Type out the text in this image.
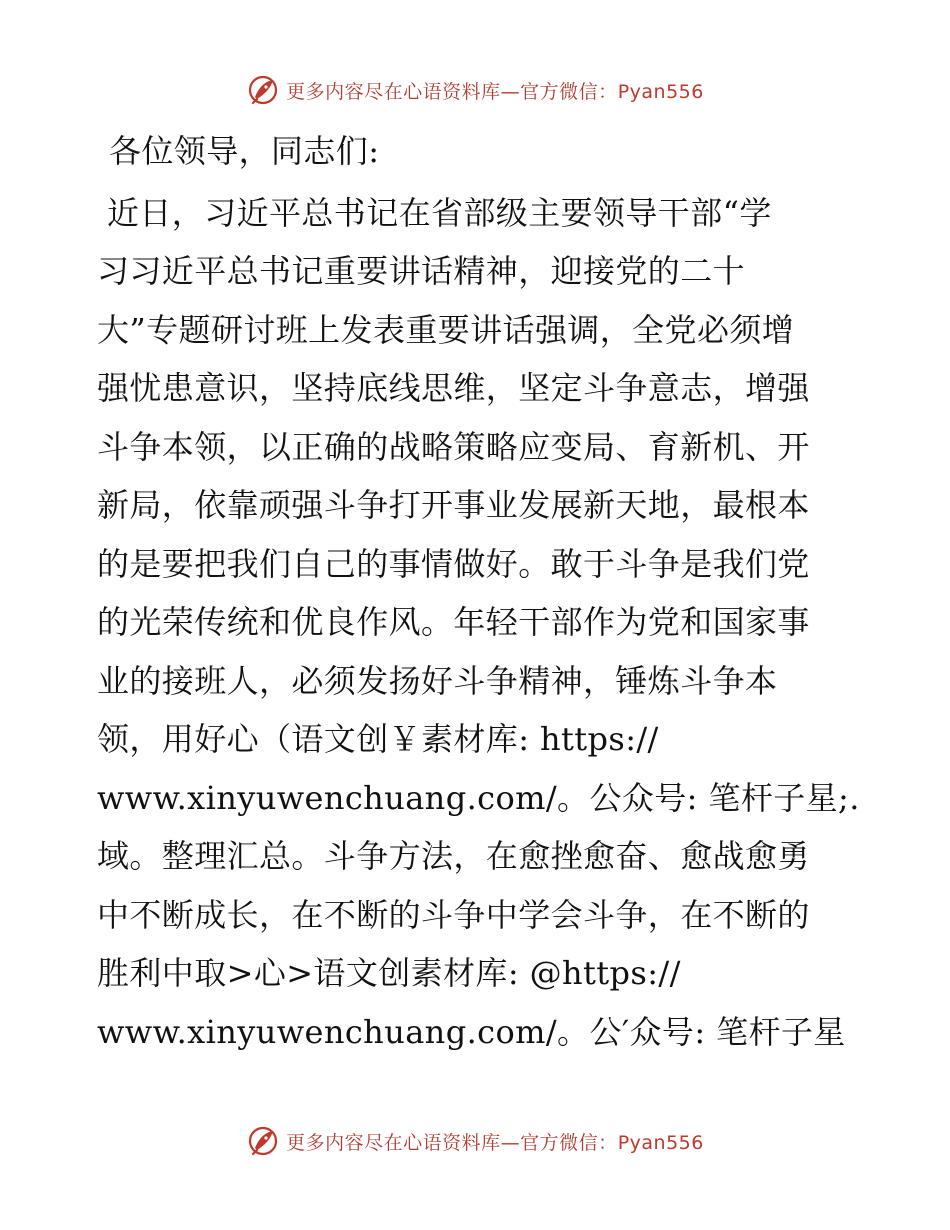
更多内容尽在心语资料库—官方微信：Pyan556
各位领导，同志们:
近日，习近平总书记在省部级主要领导干部“学
习习近平总书记重要讲话精神，迎接党的二十
大”专题研讨班上发表重要讲话强调，全党必须增
强忧患意识，坚持底线思维，坚定斗争意志，增强
斗争本领，以正确的战略策略应变局、育新机、开
新局，依靠顽强斗争打开事业发展新天地，最根本
的是要把我们自己的事情做好。敢于斗争是我们党
的光荣传统和优良作风。年轻干部作为党和国家事
业的接班人，必须发扬好斗争精神，锤炼斗争本
领，用好心（语文创￥素材库: https://
www.xinyuwenchuang.com/。公众号: 笔杆子星;.
域。整理汇总。斗争方法，在愈挫愈奋、愈战愈勇
中不断成长，在不断的斗争中学会斗争，在不断的
胜利中取>心>语文创素材库: @https://
www.xinyuwenchuang.com/。公′众号: 笔杆子星
更多内容尽在心语资料库—官方微信：Pyan556
